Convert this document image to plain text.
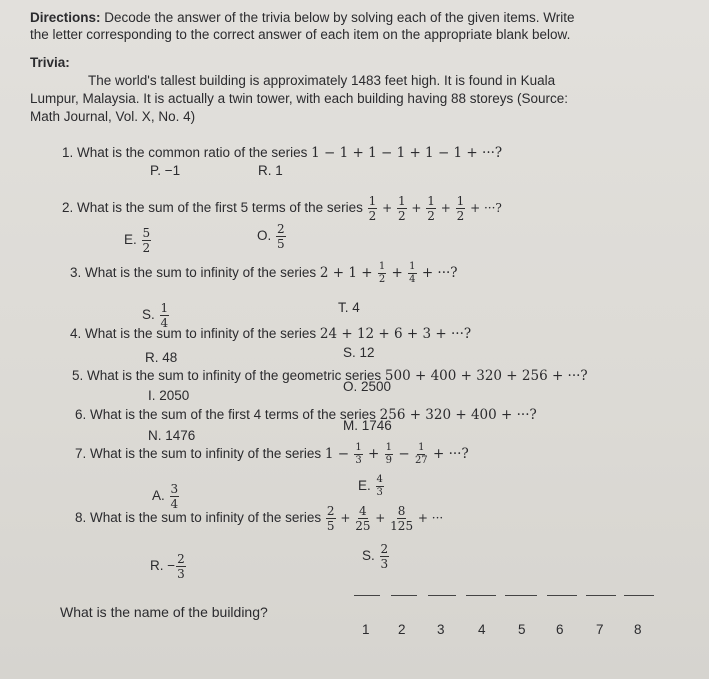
Directions: Decode the answer of the trivia below by solving each of the given items. Write
the letter corresponding to the correct answer of each item on the appropriate blank below.
Trivia:
The world's tallest building is approximately 1483 feet high. It is found in Kuala
Lumpur, Malaysia. It is actually a twin tower, with each building having 88 storeys (Source:
Math Journal, Vol. X, No. 4)
1. What is the common ratio of the series 1 − 1 + 1 − 1 + 1 − 1 + ···?
P. −1	R. 1
2. What is the sum of the first 5 terms of the series $\frac{1}{2} + \frac{1}{2} + \frac{1}{2} + \frac{1}{2}$ + ···?
E. $\frac{5}{2}$	O. $\frac{2}{5}$
3. What is the sum to infinity of the series $2 + 1 + \frac{1}{2} + \frac{1}{4}$ + ···?
S. $\frac{1}{4}$	T. 4
4. What is the sum to infinity of the series 24 + 12 + 6 + 3 + ···?
R. 48	S. 12
5. What is the sum to infinity of the geometric series 500 + 400 + 320 + 256 + ···?
I. 2050
O. 2500
6. What is the sum of the first 4 terms of the series 256 + 320 + 400 + ···?
N. 1476
M. 1746
7. What is the sum to infinity of the series $1 - \frac{1}{3} + \frac{1}{9} - \frac{1}{27}$ + ···?
A. $\frac{3}{4}$	E. $\frac{4}{3}$
8. What is the sum to infinity of the series $\frac{2}{5} + \frac{4}{25} + \frac{8}{125}$ + ···
R. − $\frac{2}{3}$	S. $\frac{2}{3}$
What is the name of the building?
1 2 3 4 5 6 7 8
